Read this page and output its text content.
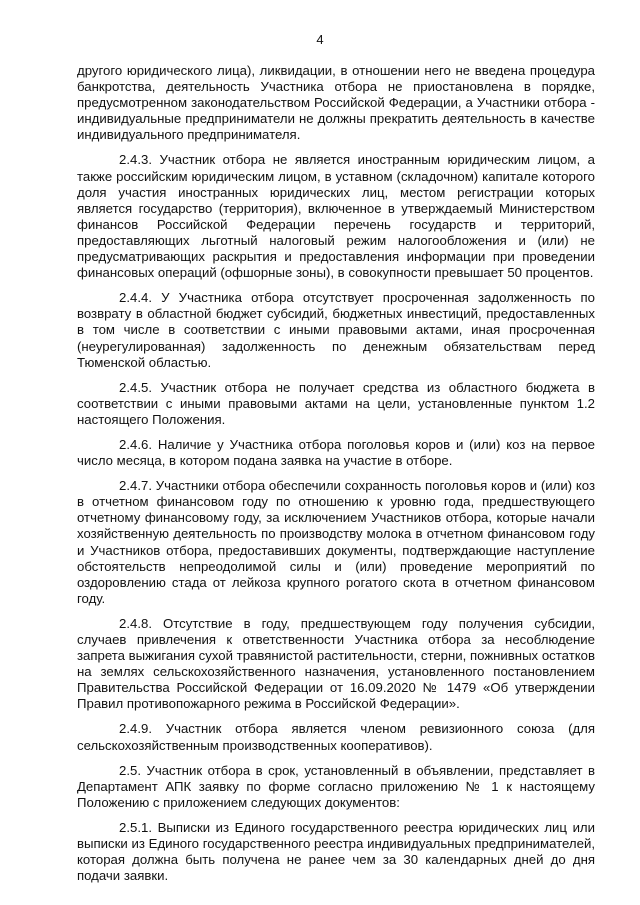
4

другого юридического лица), ликвидации, в отношении него не введена процедура банкротства, деятельность Участника отбора не приостановлена в порядке, предусмотренном законодательством Российской Федерации, а Участники отбора - индивидуальные предприниматели не должны прекратить деятельность в качестве индивидуального предпринимателя.

2.4.3. Участник отбора не является иностранным юридическим лицом, а также российским юридическим лицом, в уставном (складочном) капитале которого доля участия иностранных юридических лиц, местом регистрации которых является государство (территория), включенное в утверждаемый Министерством финансов Российской Федерации перечень государств и территорий, предоставляющих льготный налоговый режим налогообложения и (или) не предусматривающих раскрытия и предоставления информации при проведении финансовых операций (офшорные зоны), в совокупности превышает 50 процентов.

2.4.4. У Участника отбора отсутствует просроченная задолженность по возврату в областной бюджет субсидий, бюджетных инвестиций, предоставленных в том числе в соответствии с иными правовыми актами, иная просроченная (неурегулированная) задолженность по денежным обязательствам перед Тюменской областью.

2.4.5. Участник отбора не получает средства из областного бюджета в соответствии с иными правовыми актами на цели, установленные пунктом 1.2 настоящего Положения.

2.4.6. Наличие у Участника отбора поголовья коров и (или) коз на первое число месяца, в котором подана заявка на участие в отборе.

2.4.7. Участники отбора обеспечили сохранность поголовья коров и (или) коз в отчетном финансовом году по отношению к уровню года, предшествующего отчетному финансовому году, за исключением Участников отбора, которые начали хозяйственную деятельность по производству молока в отчетном финансовом году и Участников отбора, предоставивших документы, подтверждающие наступление обстоятельств непреодолимой силы и (или) проведение мероприятий по оздоровлению стада от лейкоза крупного рогатого скота в отчетном финансовом году.

2.4.8. Отсутствие в году, предшествующем году получения субсидии, случаев привлечения к ответственности Участника отбора за несоблюдение запрета выжигания сухой травянистой растительности, стерни, пожнивных остатков на землях сельскохозяйственного назначения, установленного постановлением Правительства Российской Федерации от 16.09.2020 № 1479 «Об утверждении Правил противопожарного режима в Российской Федерации».

2.4.9. Участник отбора является членом ревизионного союза (для сельскохозяйственным производственных кооперативов).

2.5. Участник отбора в срок, установленный в объявлении, представляет в Департамент АПК заявку по форме согласно приложению № 1 к настоящему Положению с приложением следующих документов:

2.5.1. Выписки из Единого государственного реестра юридических лиц или выписки из Единого государственного реестра индивидуальных предпринимателей, которая должна быть получена не ранее чем за 30 календарных дней до дня подачи заявки.
